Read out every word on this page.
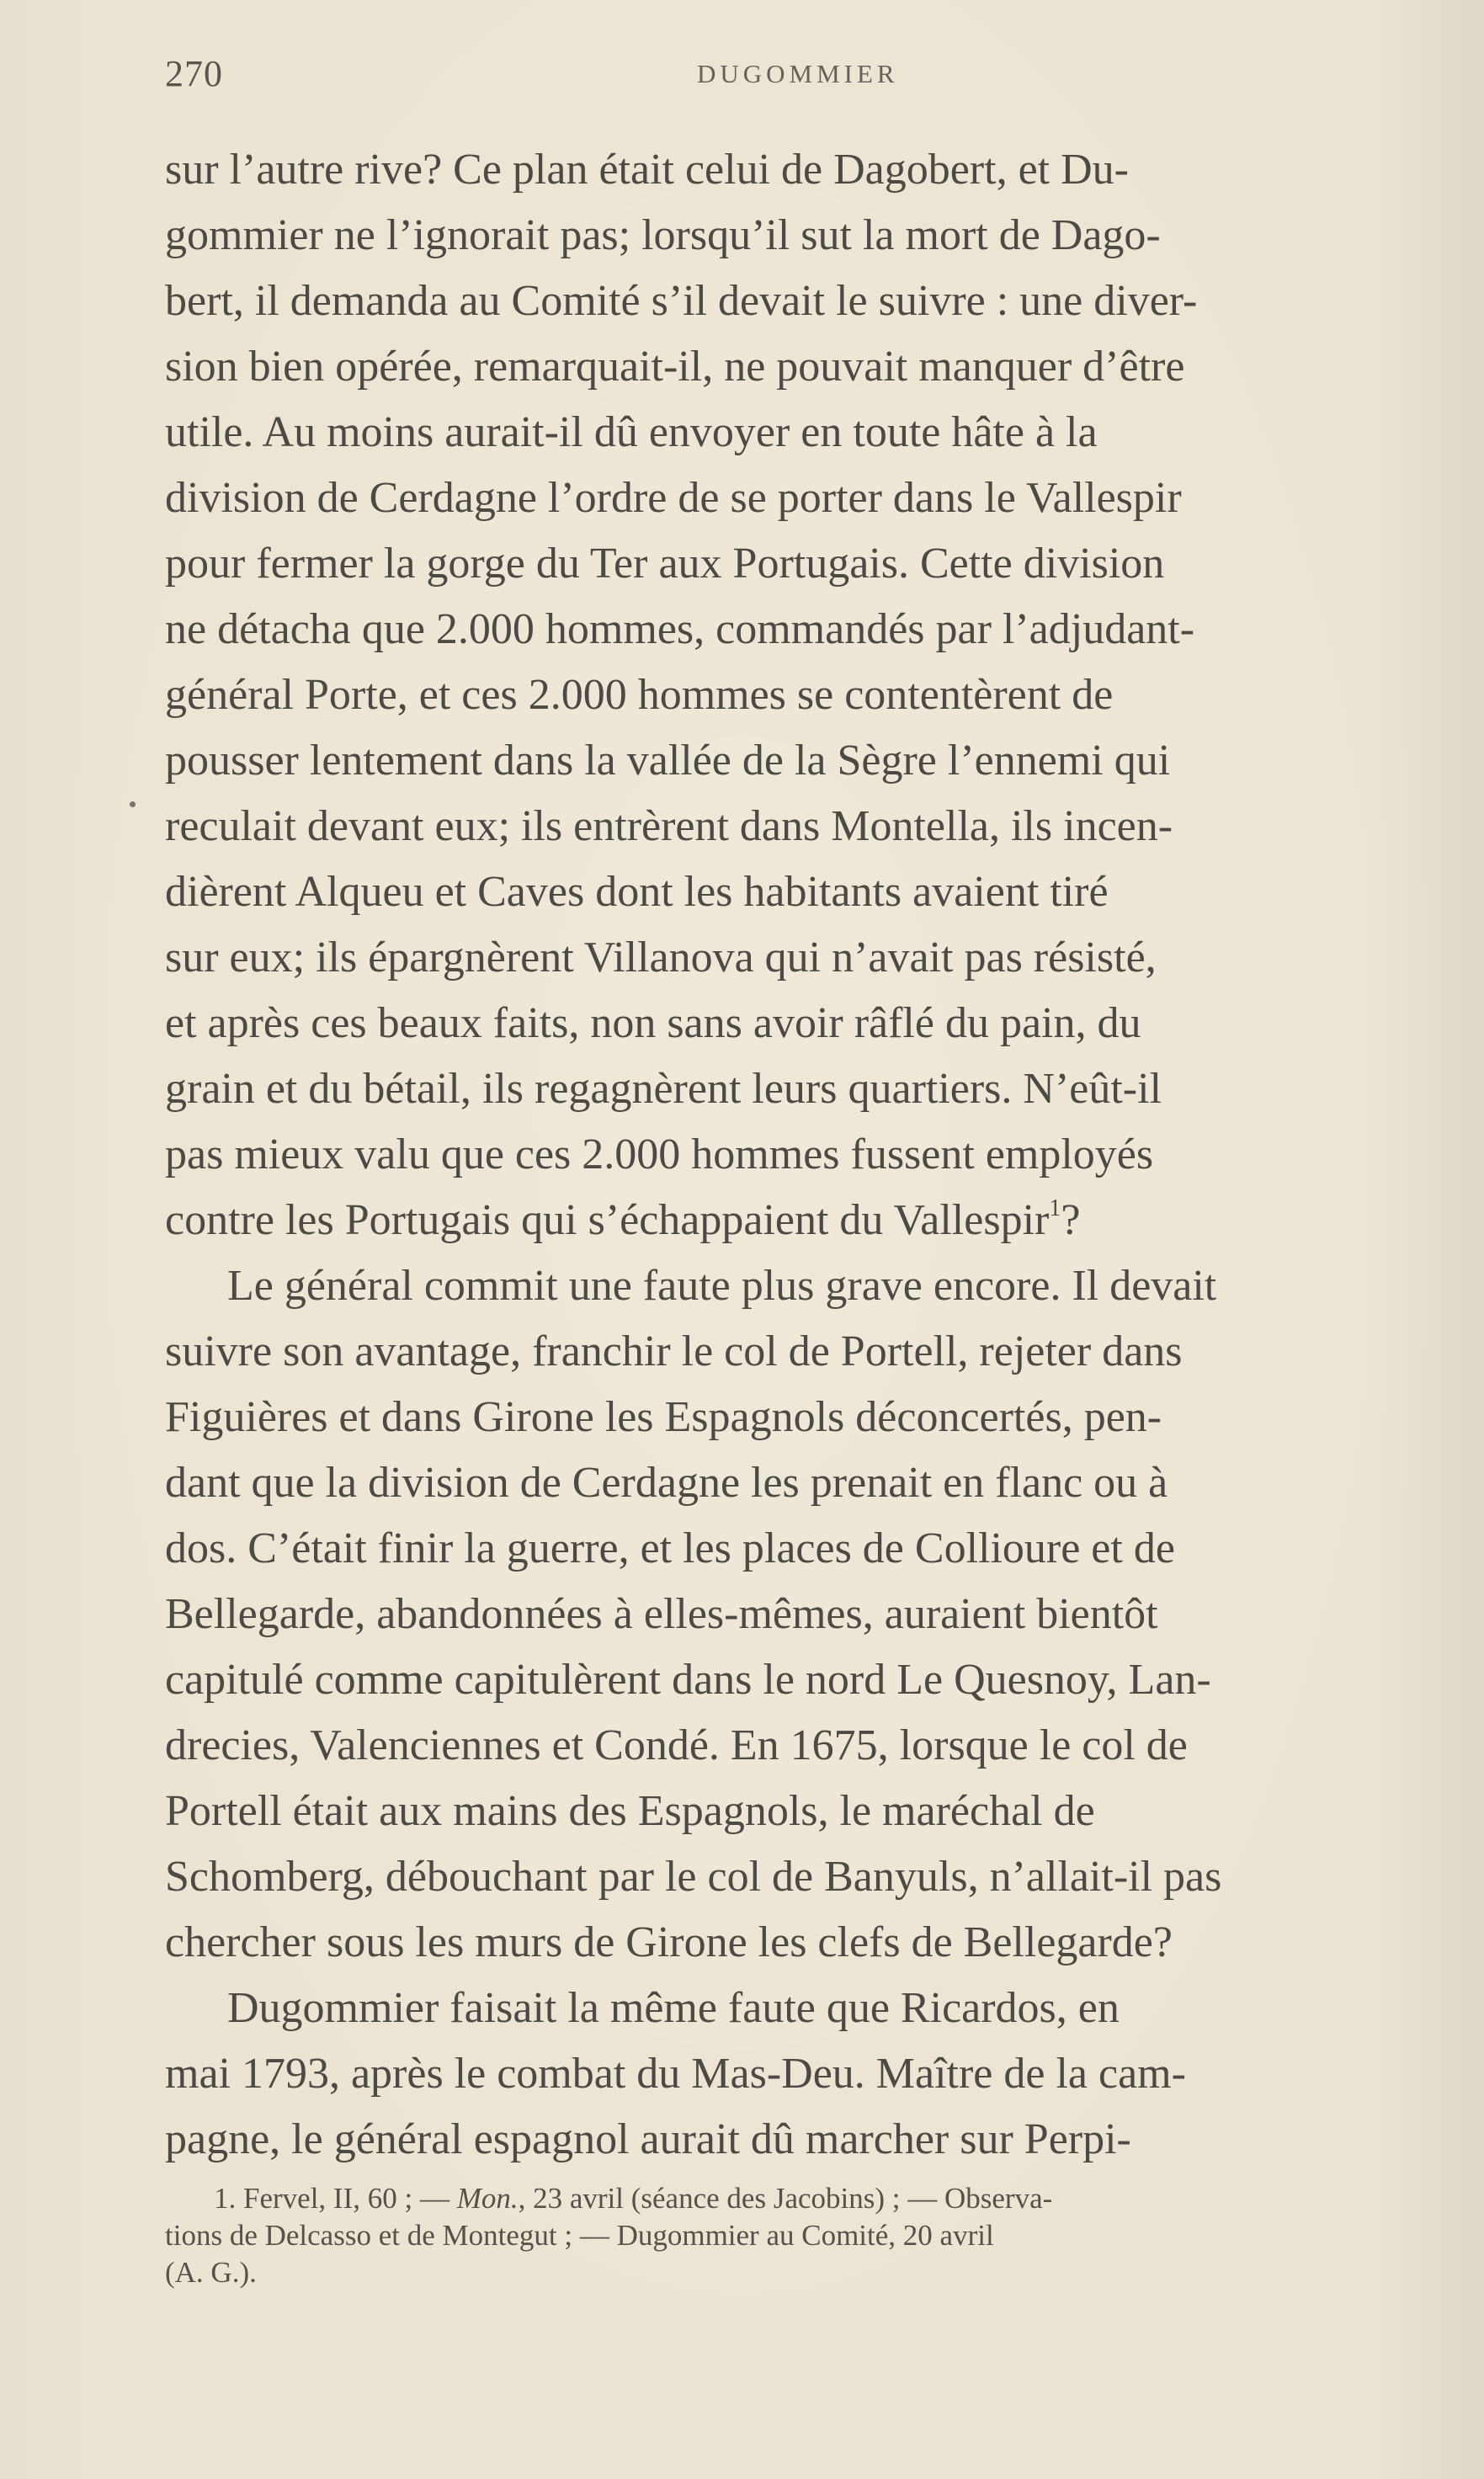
270	DUGOMMIER
sur l’autre rive? Ce plan était celui de Dagobert, et Du-
gommier ne l’ignorait pas; lorsqu’il sut la mort de Dago-
bert, il demanda au Comité s’il devait le suivre : une diver-
sion bien opérée, remarquait-il, ne pouvait manquer d’être
utile. Au moins aurait-il dû envoyer en toute hâte à la
division de Cerdagne l’ordre de se porter dans le Vallespir
pour fermer la gorge du Ter aux Portugais. Cette division
ne détacha que 2.000 hommes, commandés par l’adjudant-
général Porte, et ces 2.000 hommes se contentèrent de
pousser lentement dans la vallée de la Sègre l’ennemi qui
reculait devant eux; ils entrèrent dans Montella, ils incen-
dièrent Alqueu et Caves dont les habitants avaient tiré
sur eux; ils épargnèrent Villanova qui n’avait pas résisté,
et après ces beaux faits, non sans avoir râflé du pain, du
grain et du bétail, ils regagnèrent leurs quartiers. N’eût-il
pas mieux valu que ces 2.000 hommes fussent employés
contre les Portugais qui s’échappaient du Vallespir$^1$?
Le général commit une faute plus grave encore. Il devait
suivre son avantage, franchir le col de Portell, rejeter dans
Figuières et dans Girone les Espagnols déconcertés, pen-
dant que la division de Cerdagne les prenait en flanc ou à
dos. C’était finir la guerre, et les places de Collioure et de
Bellegarde, abandonnées à elles-mêmes, auraient bientôt
capitulé comme capitulèrent dans le nord Le Quesnoy, Lan-
drecies, Valenciennes et Condé. En 1675, lorsque le col de
Portell était aux mains des Espagnols, le maréchal de
Schomberg, débouchant par le col de Banyuls, n’allait-il pas
chercher sous les murs de Girone les clefs de Bellegarde?
Dugommier faisait la même faute que Ricardos, en
mai 1793, après le combat du Mas-Deu. Maître de la cam-
pagne, le général espagnol aurait dû marcher sur Perpi-
1. Fervel, II, 60 ; — Mon., 23 avril (séance des Jacobins) ; — Observa-
tions de Delcasso et de Montegut ; — Dugommier au Comité, 20 avril
(A. G.).
